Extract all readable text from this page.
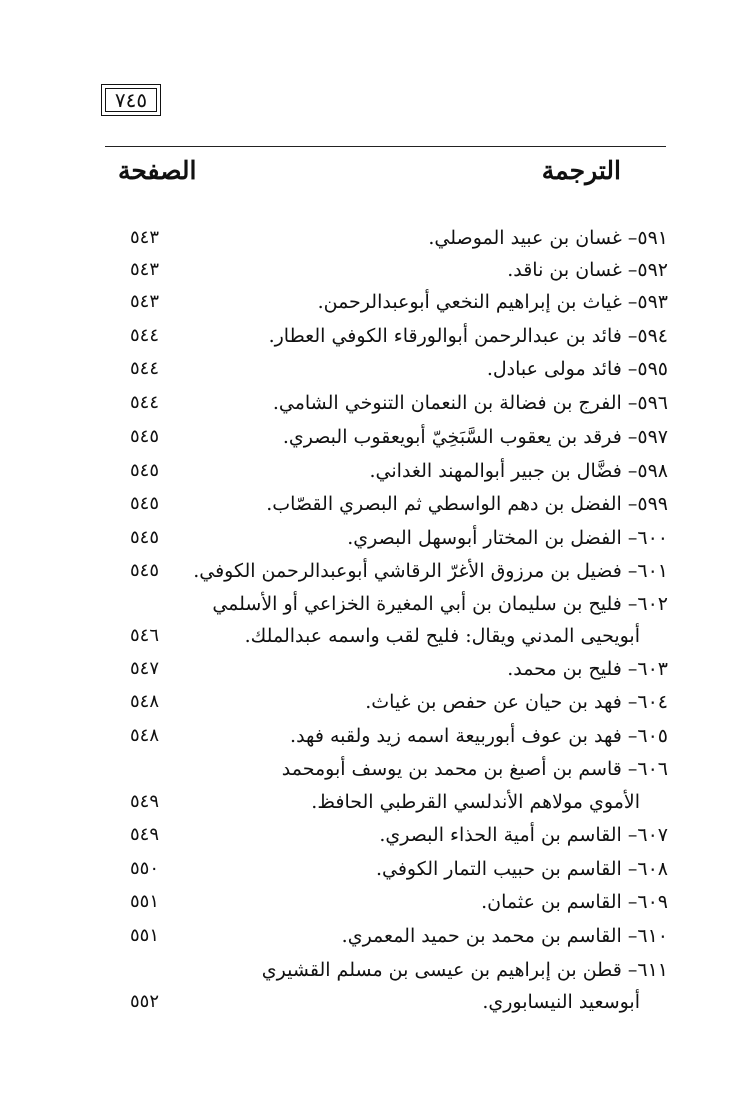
٧٤٥
الترجمة
الصفحة
٥٩١– غسان بن عبيد الموصلي.
٥٤٣
٥٩٢– غسان بن ناقد.
٥٤٣
٥٩٣– غياث بن إبراهيم النخعي أبوعبدالرحمن.
٥٤٣
٥٩٤– فائد بن عبدالرحمن أبوالورقاء الكوفي العطار.
٥٤٤
٥٩٥– فائد مولى عبادل.
٥٤٤
٥٩٦– الفرج بن فضالة بن النعمان التنوخي الشامي.
٥٤٤
٥٩٧– فرقد بن يعقوب السَّبَخِيّ أبويعقوب البصري.
٥٤٥
٥٩٨– فضَّال بن جبير أبوالمهند الغداني.
٥٤٥
٥٩٩– الفضل بن دهم الواسطي ثم البصري القصّاب.
٥٤٥
٦٠٠– الفضل بن المختار أبوسهل البصري.
٥٤٥
٦٠١– فضيل بن مرزوق الأغرّ الرقاشي أبوعبدالرحمن الكوفي.
٥٤٥
٦٠٢– فليح بن سليمان بن أبي المغيرة الخزاعي أو الأسلمي
أبويحيى المدني ويقال: فليح لقب واسمه عبدالملك.
٥٤٦
٦٠٣– فليح بن محمد.
٥٤٧
٦٠٤– فهد بن حيان عن حفص بن غياث.
٥٤٨
٦٠٥– فهد بن عوف أبوربيعة اسمه زيد ولقبه فهد.
٥٤٨
٦٠٦– قاسم بن أصبغ بن محمد بن يوسف أبومحمد
الأموي مولاهم الأندلسي القرطبي الحافظ.
٥٤٩
٦٠٧– القاسم بن أمية الحذاء البصري.
٥٤٩
٦٠٨– القاسم بن حبيب التمار الكوفي.
٥٥٠
٦٠٩– القاسم بن عثمان.
٥٥١
٦١٠– القاسم بن محمد بن حميد المعمري.
٥٥١
٦١١– قطن بن إبراهيم بن عيسى بن مسلم القشيري
أبوسعيد النيسابوري.
٥٥٢
